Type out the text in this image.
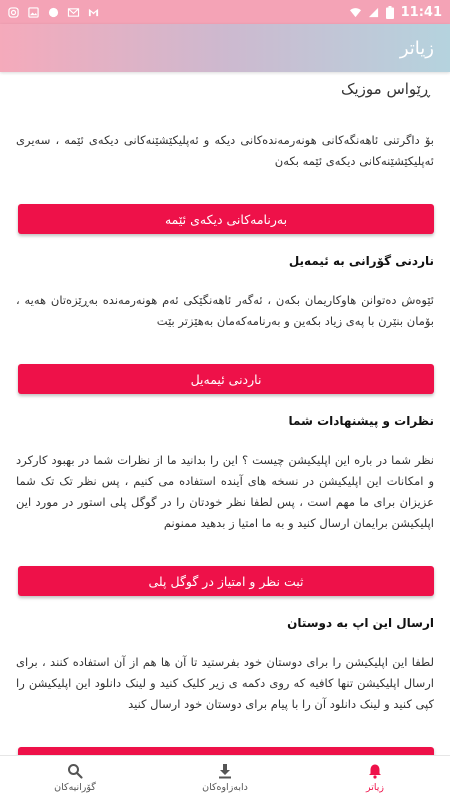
11:41
زیاتر
ڕێواس موزیک

بۆ داگرتنی ئاهەنگەکانی هونەرمەندەکانی دیکە و ئەپلیکێشێنەکانی دیکەی ئێمە ، سەیری ئەپلیکێشێنەکانی دیکەی ئێمە بکەن

بەرنامەکانی دیکەی ئێمە
ناردنی گۆرانی بە ئیمەیل

ئێوەش دەتوانن هاوکاریمان بکەن ، ئەگەر ئاهەنگێکی ئەم هونەرمەندە بەڕێزەتان هەیە ، بۆمان بنێرن با پەی زیاد بکەین و بەرنامەکەمان بەهێزتر بێت

ناردنی ئیمەیل
نظرات و پیشنهادات شما

نظر شما در باره این اپلیکیشن چیست ؟ این را بدانید ما از نظرات شما در بهبود کارکرد و امکانات این اپلیکیشن در نسخه های آینده استفاده می کنیم ، پس نظر تک تک شما عزیزان برای ما مهم است ، پس لطفا نظر خودتان را در گوگل پلی استور در مورد این اپلیکیشن برایمان ارسال کنید و به ما امتیا ز بدهید ممنونم

ثبت نظر و امتیاز در گوگل پلی
ارسال این اپ به دوستان

لطفا این اپلیکیشن را برای دوستان خود بفرستید تا آن ها هم از آن استفاده کنند ، برای ارسال اپلیکیشن تنها کافیه که روی دکمه ی زیر کلیک کنید و لینک دانلود این اپلیکیشن را کپی کنید و لینک دانلود آن را با پیام برای دوستان خود ارسال کنید

گۆرانیەکان	دابەزاوەکان	زیاتر
